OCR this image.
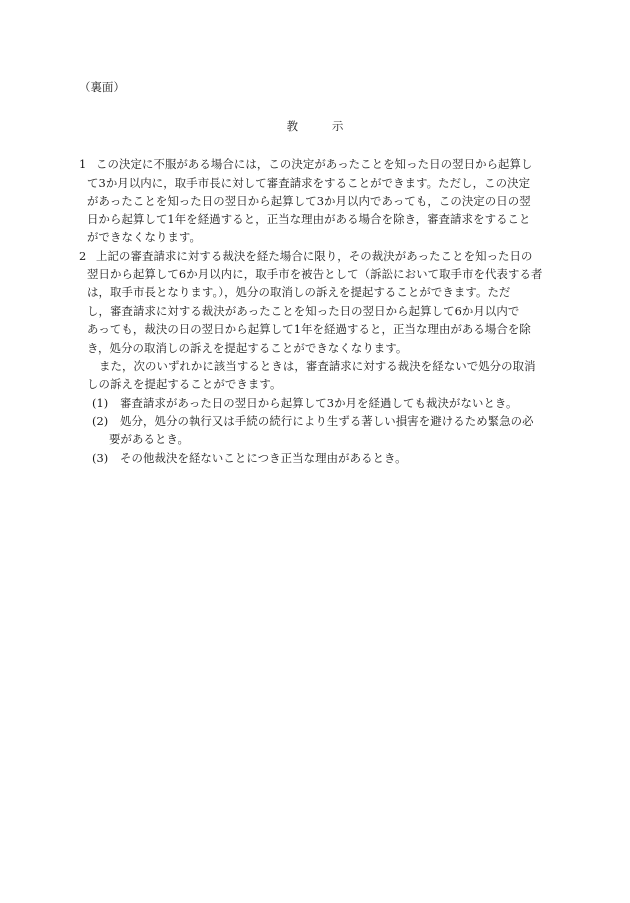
（裏面）
教	示
1 この決定に不服がある場合には，この決定があったことを知った日の翌日から起算し
て3か月以内に，取手市長に対して審査請求をすることができます。ただし，この決定
があったことを知った日の翌日から起算して3か月以内であっても，この決定の日の翌
日から起算して1年を経過すると，正当な理由がある場合を除き，審査請求をすること
ができなくなります。
2 上記の審査請求に対する裁決を経た場合に限り，その裁決があったことを知った日の
翌日から起算して6か月以内に，取手市を被告として（訴訟において取手市を代表する者
は，取手市長となります。），処分の取消しの訴えを提起することができます。ただ
し，審査請求に対する裁決があったことを知った日の翌日から起算して6か月以内で
あっても，裁決の日の翌日から起算して1年を経過すると，正当な理由がある場合を除
き，処分の取消しの訴えを提起することができなくなります。
また，次のいずれかに該当するときは，審査請求に対する裁決を経ないで処分の取消
しの訴えを提起することができます。
(1) 審査請求があった日の翌日から起算して3か月を経過しても裁決がないとき。
(2) 処分，処分の執行又は手続の続行により生ずる著しい損害を避けるため緊急の必
要があるとき。
(3) その他裁決を経ないことにつき正当な理由があるとき。
